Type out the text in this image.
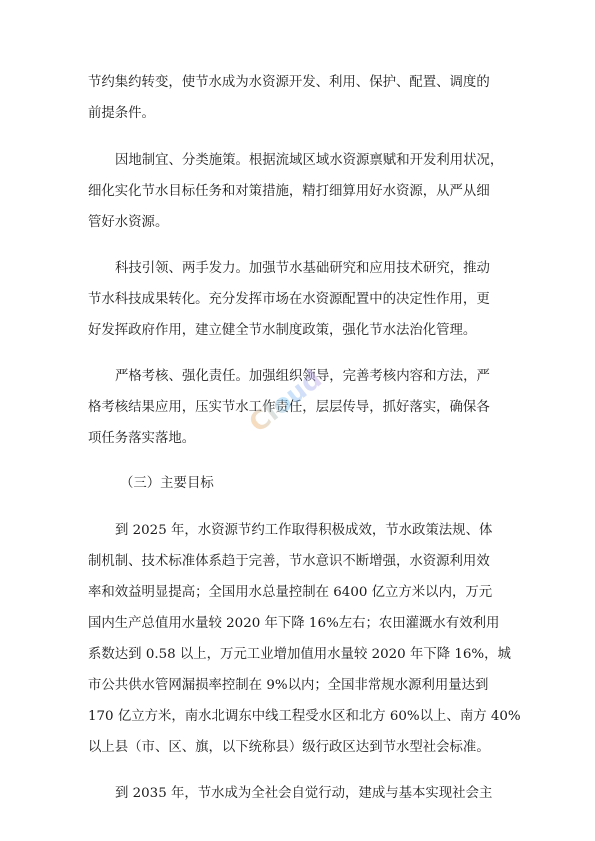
节约集约转变，使节水成为水资源开发、利用、保护、配置、调度的
前提条件。
因地制宜、分类施策。根据流域区域水资源禀赋和开发利用状况，
细化实化节水目标任务和对策措施，精打细算用好水资源，从严从细
管好水资源。
科技引领、两手发力。加强节水基础研究和应用技术研究，推动
节水科技成果转化。充分发挥市场在水资源配置中的决定性作用，更
好发挥政府作用，建立健全节水制度政策，强化节水法治化管理。
严格考核、强化责任。加强组织领导，完善考核内容和方法，严
格考核结果应用，压实节水工作责任，层层传导，抓好落实，确保各
项任务落实落地。
（三）主要目标
到 2025 年，水资源节约工作取得积极成效，节水政策法规、体
制机制、技术标准体系趋于完善，节水意识不断增强，水资源利用效
率和效益明显提高；全国用水总量控制在 6400 亿立方米以内，万元
国内生产总值用水量较 2020 年下降 16%左右；农田灌溉水有效利用
系数达到 0.58 以上，万元工业增加值用水量较 2020 年下降 16%，城
市公共供水管网漏损率控制在 9%以内；全国非常规水源利用量达到
170 亿立方米，南水北调东中线工程受水区和北方 60%以上、南方 40%
以上县（市、区、旗，以下统称县）级行政区达到节水型社会标准。
到 2035 年，节水成为全社会自觉行动，建成与基本实现社会主
Cloud
